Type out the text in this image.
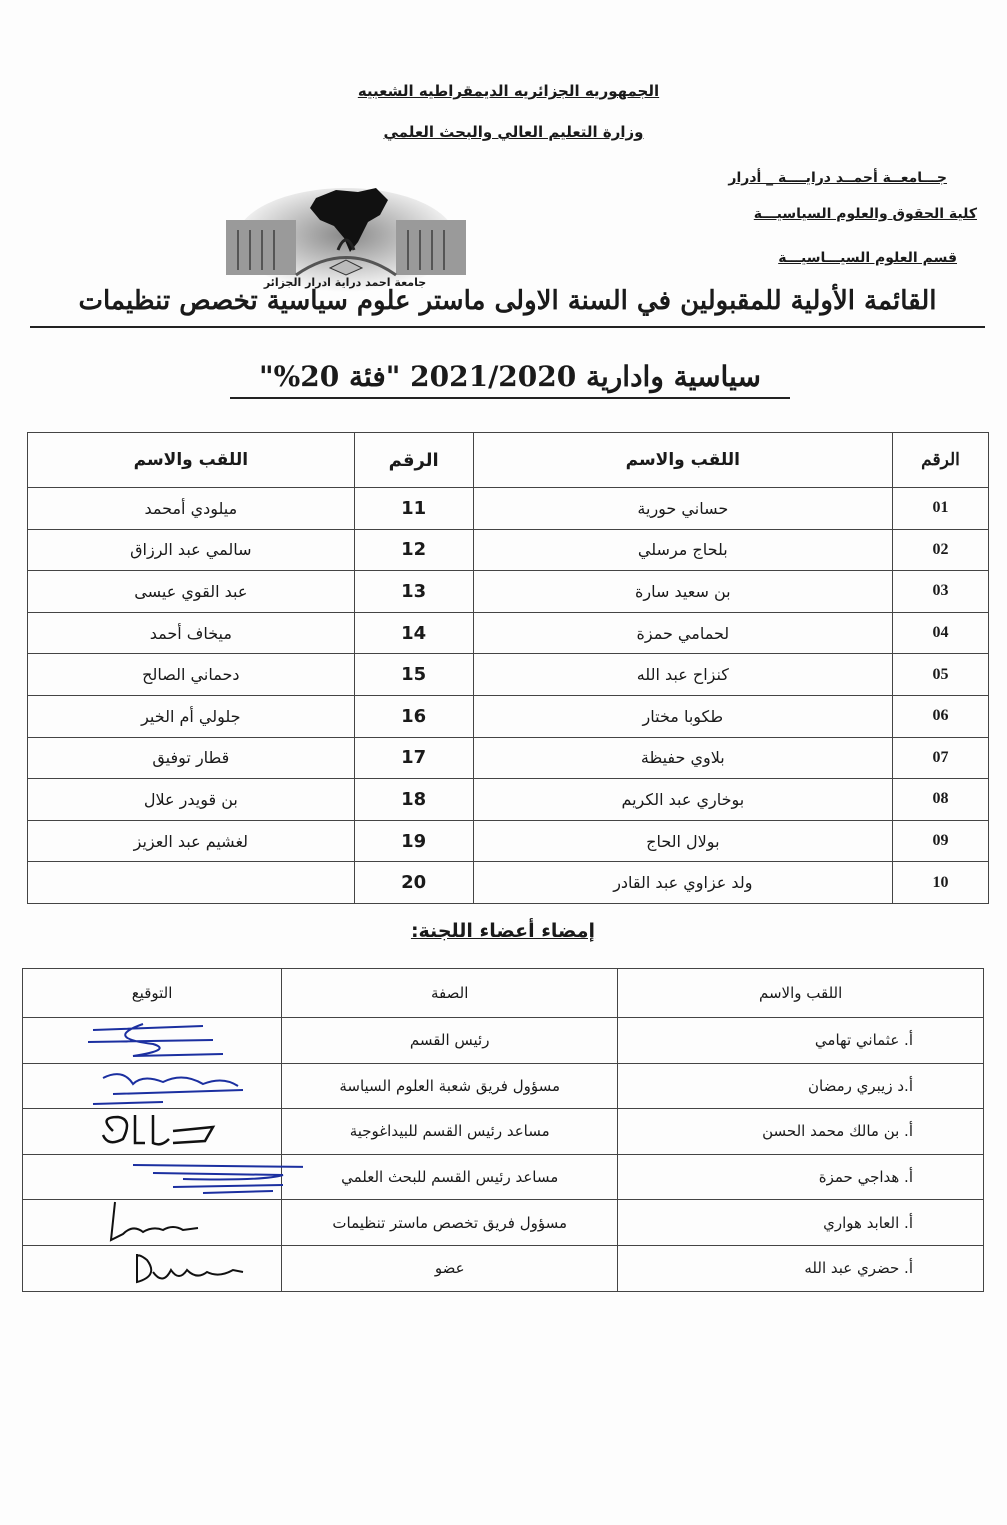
الجمهوريه الجزائريه الديمقراطيه الشعبيه
وزارة التعليم العالي والبحث العلمي
جـــامعــة أحمــد درايــــة _ أدرار
كلية الحقوق والعلوم السياسيـــة
قسم العلوم السيـــاسيـــة
جامعة احمد دراية ادرار الجزائر
القائمة الأولية للمقبولين في السنة الاولى ماستر علوم سياسية تخصص تنظيمات
سياسية وادارية 2021/2020 "فئة 20%"
الرقم	اللقب والاسم	الرقم	اللقب والاسم
01	حساني حورية	11	ميلودي أمحمد
02	بلحاج مرسلي	12	سالمي عبد الرزاق
03	بن سعيد سارة	13	عبد القوي عيسى
04	لحمامي حمزة	14	ميخاف أحمد
05	كنزاح عبد الله	15	دحماني الصالح
06	طكوبا مختار	16	جلولي أم الخير
07	بلاوي حفيظة	17	قطار توفيق
08	بوخاري عبد الكريم	18	بن قويدر علال
09	بولال الحاج	19	لغشيم عبد العزيز
10	ولد عزاوي عبد القادر	20	
إمضاء أعضاء اللجنة:
اللقب والاسم	الصفة	التوقيع
أ. عثماني تهامي	رئيس القسم	

أ.د زيبري رمضان	مسؤول فريق شعبة العلوم السياسة	

أ. بن مالك محمد الحسن	مساعد رئيس القسم للبيداغوجية	

أ. هداجي حمزة	مساعد رئيس القسم للبحث العلمي	

أ. العابد هواري	مسؤول فريق تخصص ماستر تنظيمات	

أ. حضري عبد الله	عضو	
